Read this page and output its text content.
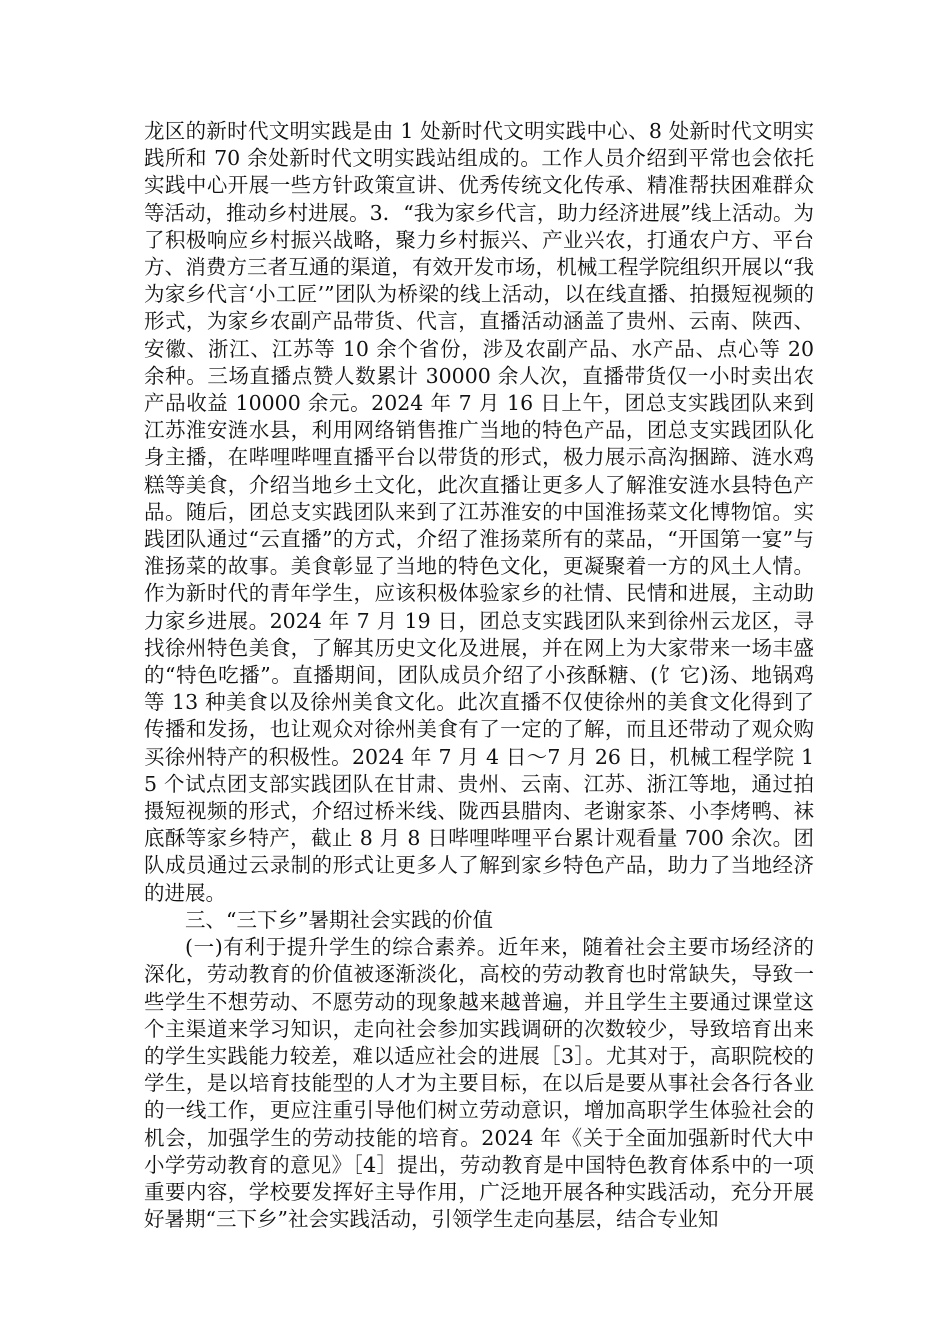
龙区的新时代文明实践是由 1 处新时代文明实践中心、8 处新时代文明实践所和 70 余处新时代文明实践站组成的。工作人员介绍到平常也会依托实践中心开展一些方针政策宣讲、优秀传统文化传承、精准帮扶困难群众等活动，推动乡村进展。3．“我为家乡代言，助力经济进展”线上活动。为了积极响应乡村振兴战略，聚力乡村振兴、产业兴农，打通农户方、平台方、消费方三者互通的渠道，有效开发市场，机械工程学院组织开展以“我为家乡代言‘小工匠’”团队为桥梁的线上活动，以在线直播、拍摄短视频的形式，为家乡农副产品带货、代言，直播活动涵盖了贵州、云南、陕西、安徽、浙江、江苏等 10 余个省份，涉及农副产品、水产品、点心等 20 余种。三场直播点赞人数累计 30000 余人次，直播带货仅一小时卖出农产品收益 10000 余元。2024 年 7 月 16 日上午，团总支实践团队来到江苏淮安涟水县，利用网络销售推广当地的特色产品，团总支实践团队化身主播，在哔哩哔哩直播平台以带货的形式，极力展示高沟捆蹄、涟水鸡糕等美食，介绍当地乡土文化，此次直播让更多人了解淮安涟水县特色产品。随后，团总支实践团队来到了江苏淮安的中国淮扬菜文化博物馆。实践团队通过“云直播”的方式，介绍了淮扬菜所有的菜品，“开国第一宴”与淮扬菜的故事。美食彰显了当地的特色文化，更凝聚着一方的风土人情。作为新时代的青年学生，应该积极体验家乡的社情、民情和进展，主动助力家乡进展。2024 年 7 月 19 日，团总支实践团队来到徐州云龙区，寻找徐州特色美食，了解其历史文化及进展，并在网上为大家带来一场丰盛的“特色吃播”。直播期间，团队成员介绍了小孩酥糖、(饣它)汤、地锅鸡等 13 种美食以及徐州美食文化。此次直播不仅使徐州的美食文化得到了传播和发扬，也让观众对徐州美食有了一定的了解，而且还带动了观众购买徐州特产的积极性。2024 年 7 月 4 日～7 月 26 日，机械工程学院 15 个试点团支部实践团队在甘肃、贵州、云南、江苏、浙江等地，通过拍摄短视频的形式，介绍过桥米线、陇西县腊肉、老谢家茶、小李烤鸭、袜底酥等家乡特产，截止 8 月 8 日哔哩哔哩平台累计观看量 700 余次。团队成员通过云录制的形式让更多人了解到家乡特色产品，助力了当地经济的进展。

三、“三下乡”暑期社会实践的价值

(一)有利于提升学生的综合素养。近年来，随着社会主要市场经济的深化，劳动教育的价值被逐渐淡化，高校的劳动教育也时常缺失，导致一些学生不想劳动、不愿劳动的现象越来越普遍，并且学生主要通过课堂这个主渠道来学习知识，走向社会参加实践调研的次数较少，导致培育出来的学生实践能力较差，难以适应社会的进展［3］。尤其对于，高职院校的学生，是以培育技能型的人才为主要目标，在以后是要从事社会各行各业的一线工作，更应注重引导他们树立劳动意识，增加高职学生体验社会的机会，加强学生的劳动技能的培育。2024 年《关于全面加强新时代大中小学劳动教育的意见》［4］提出，劳动教育是中国特色教育体系中的一项重要内容，学校要发挥好主导作用，广泛地开展各种实践活动，充分开展好暑期“三下乡”社会实践活动，引领学生走向基层，结合专业知
